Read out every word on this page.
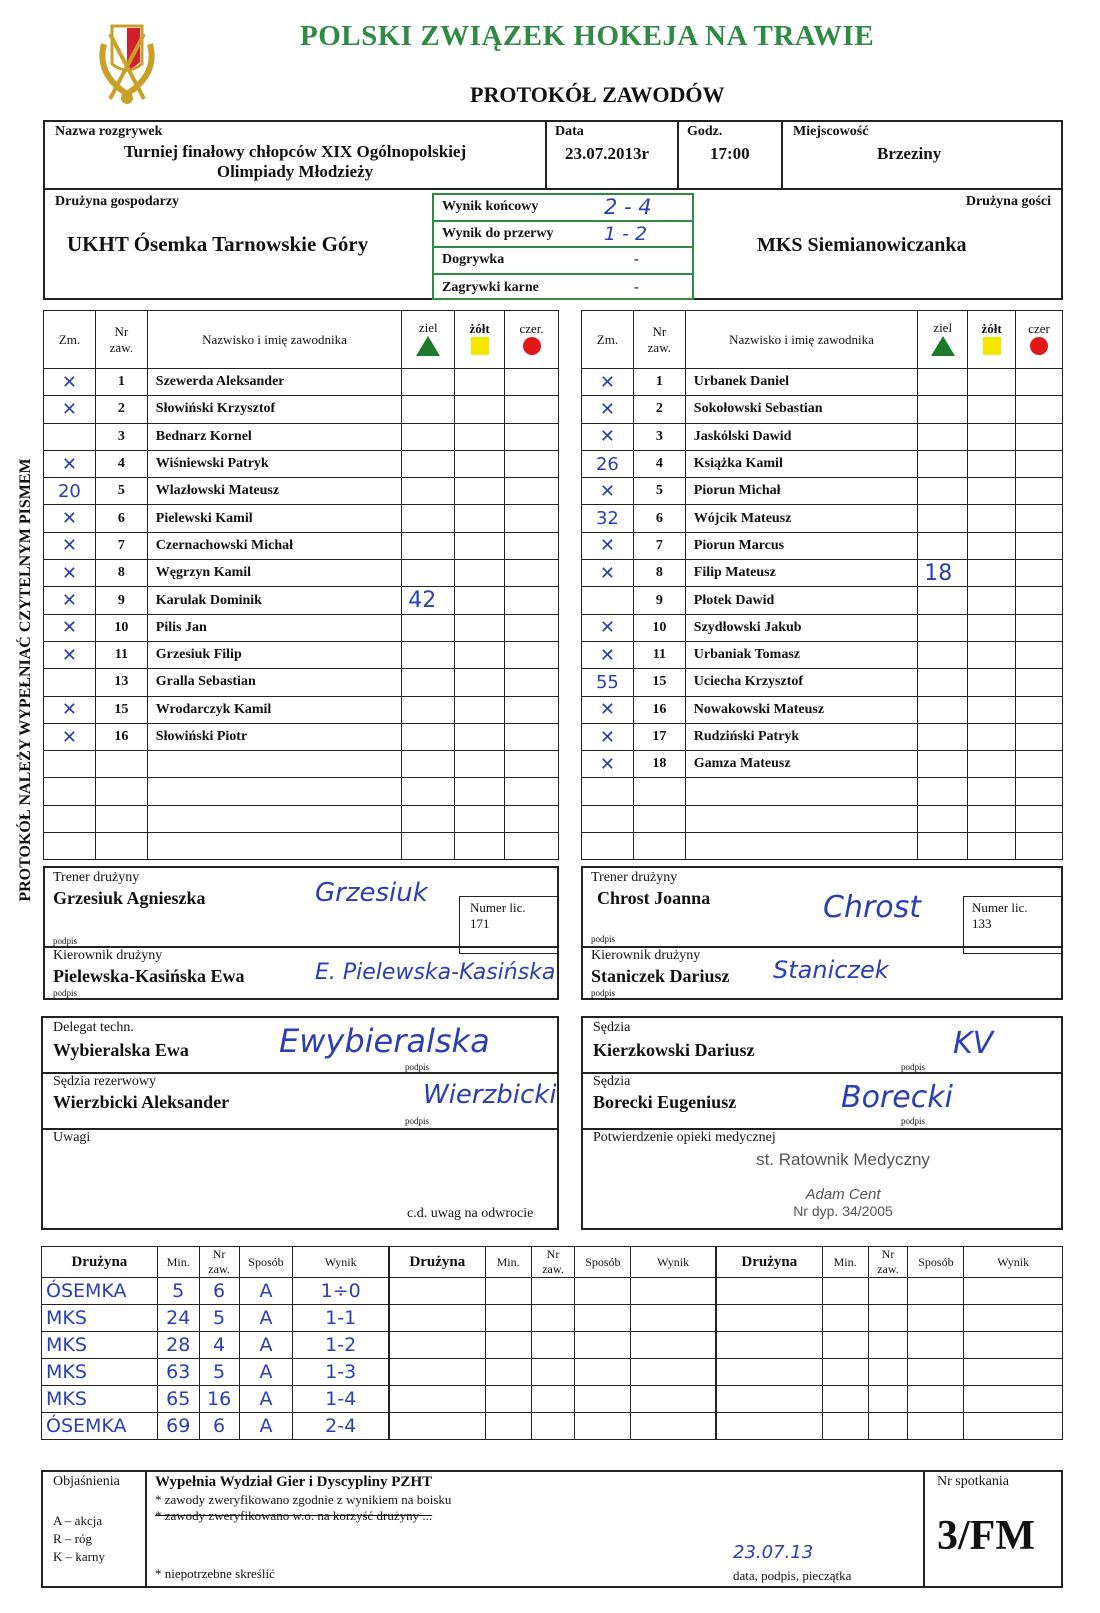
POLSKI ZWIĄZEK HOKEJA NA TRAWIE
PROTOKÓŁ ZAWODÓW
Nazwa rozgrywek
Turniej finałowy chłopców XIX Ogólnopolskiej
Olimpiady Młodzieży
Data
23.07.2013r
Godz.
17:00
Miejscowość
Brzeziny
Drużyna gospodarzy
UKHT Ósemka Tarnowskie Góry
Drużyna gości
MKS Siemianowiczanka
Wynik końcowy	2 - 4
Wynik do przerwy	1 - 2
Dogrywka	-
Zagrywki karne	-
PROTOKÓŁ NALEŻY WYPEŁNIAĆ CZYTELNYM PISMEM
Zm.	Nr
zaw.	Nazwisko i imię zawodnika	ziel	żółt	czer.

✕	1	Szewerda Aleksander			
✕	2	Słowiński Krzysztof			
	3	Bednarz Kornel			
✕	4	Wiśniewski Patryk			
20	5	Wlazłowski Mateusz			
✕	6	Pielewski Kamil			
✕	7	Czernachowski Michał			
✕	8	Węgrzyn Kamil			
✕	9	Karulak Dominik	42		
✕	10	Pilis Jan			
✕	11	Grzesiuk Filip			
	13	Gralla Sebastian			
✕	15	Wrodarczyk Kamil			
✕	16	Słowiński Piotr			

Zm.	Nr
zaw.	Nazwisko i imię zawodnika	ziel	żółt	czer

✕	1	Urbanek Daniel			
✕	2	Sokołowski Sebastian			
✕	3	Jaskólski Dawid			
26	4	Książka Kamil			
✕	5	Piorun Michał			
32	6	Wójcik Mateusz			
✕	7	Piorun Marcus			
✕	8	Filip Mateusz	18		
	9	Płotek Dawid			
✕	10	Szydłowski Jakub			
✕	11	Urbaniak Tomasz			
55	15	Uciecha Krzysztof			
✕	16	Nowakowski Mateusz			
✕	17	Rudziński Patryk			
✕	18	Gamza Mateusz			

Trener drużyny
Grzesiuk Agnieszka	Grzesiuk	Numer lic.
171
podpis
Kierownik drużyny
Pielewska-Kasińska Ewa	E. Pielewska-Kasińska
podpis
Trener drużyny
Chrost Joanna	Chrost	Numer lic.
133
podpis
Kierownik drużyny
Staniczek Dariusz Staniczek
podpis
Delegat techn.
Wybieralska Ewa	Ewybieralska
podpis
Sędzia rezerwowy
Wierzbicki Aleksander	Wierzbicki
podpis
Uwagi
c.d. uwag na odwrocie
Sędzia
Kierzkowski Dariusz	KV
podpis
Sędzia
Borecki Eugeniusz	Borecki
podpis
Potwierdzenie opieki medycznej
st. Ratownik Medyczny
Adam Cent
Nr dyp. 34/2005
Drużyna	Min.	Nr
zaw.	Sposób	Wynik
ÓSEMKA	5	6	A	1÷0
MKS	24	5	A	1-1
MKS	28	4	A	1-2
MKS	63	5	A	1-3
MKS	65	16	A	1-4
ÓSEMKA	69	6	A	2-4
Drużyna	Min.	Nr
zaw.	Sposób	Wynik

					Drużyna	Min.	Nr
zaw.	Sposób	Wynik

Objaśnienia
A – akcja
R – róg
K – karny
Wypełnia Wydział Gier i Dyscypliny PZHT
* zawody zweryfikowano zgodnie z wynikiem na boisku
* zawody zweryfikowano w.o. na korzyść drużyny ...
* niepotrzebne skreślić
23.07.13
data, podpis, pieczątka
Nr spotkania
3/FM
